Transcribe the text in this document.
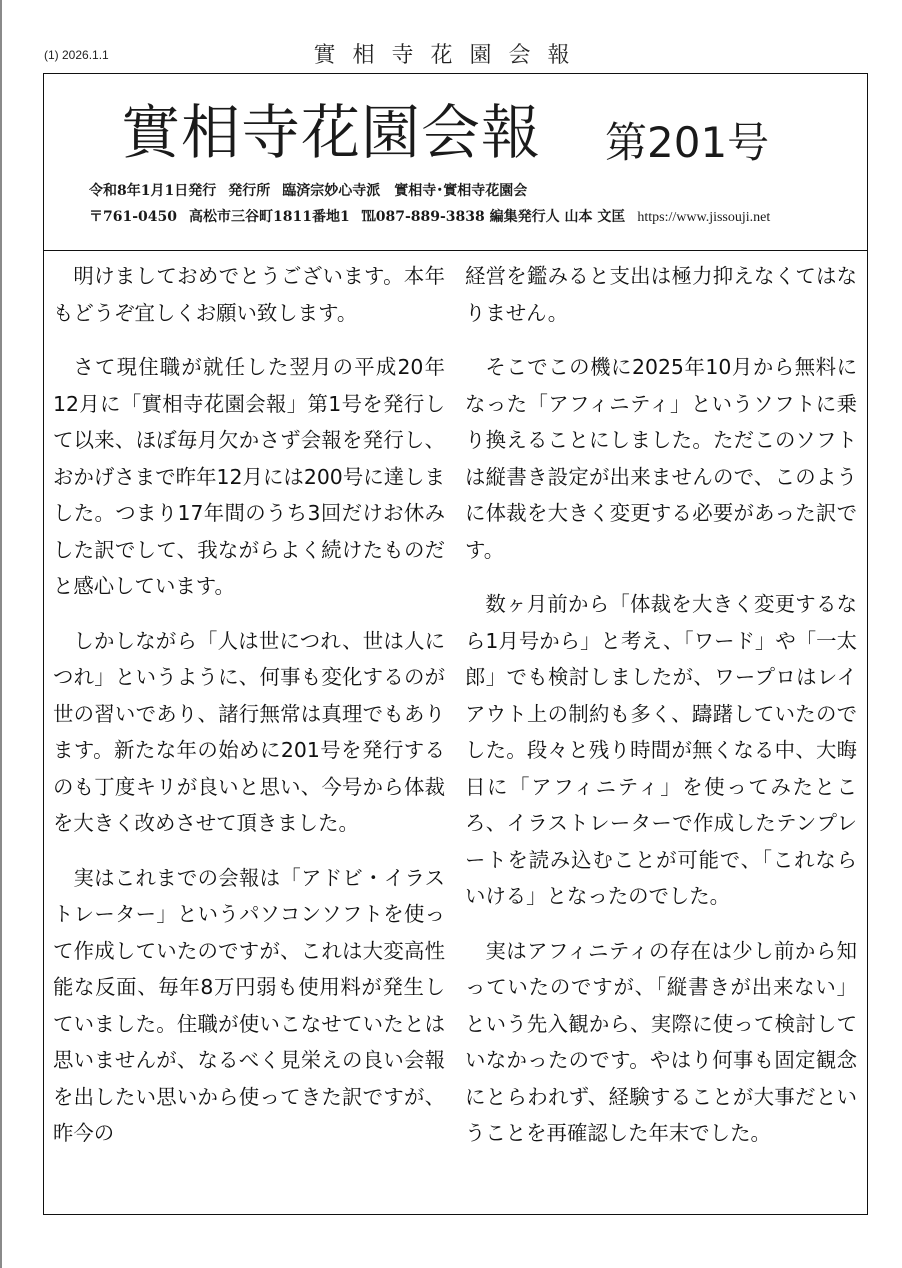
(1) 2026.1.1	實相寺花園会報
實相寺花園会報 第201号
令和8年1月1日発行 発行所 臨済宗妙心寺派　實相寺･實相寺花園会
〒761-0450 高松市三谷町1811番地1 ℡087-889-3838 編集発行人 山本 文匡 https://www.jissouji.net

明けましておめでとうございます。本年もどうぞ宜しくお願い致します。

さて現住職が就任した翌月の平成20年12月に「實相寺花園会報」第1号を発行して以来、ほぼ毎月欠かさず会報を発行し、おかげさまで昨年12月には200号に達しました。つまり17年間のうち3回だけお休みした訳でして、我ながらよく続けたものだと感心しています。

しかしながら「人は世につれ、世は人につれ」というように、何事も変化するのが世の習いであり、諸行無常は真理でもあります。新たな年の始めに201号を発行するのも丁度キリが良いと思い、今号から体裁を大きく改めさせて頂きました。

実はこれまでの会報は「アドビ・イラストレーター」というパソコンソフトを使って作成していたのですが、これは大変高性能な反面、毎年8万円弱も使用料が発生していました。住職が使いこなせていたとは思いませんが、なるべく見栄えの良い会報を出したい思いから使ってきた訳ですが、昨今の

経営を鑑みると支出は極力抑えなくてはなりません。

そこでこの機に2025年10月から無料になった「アフィニティ」というソフトに乗り換えることにしました。ただこのソフトは縦書き設定が出来ませんので、このように体裁を大きく変更する必要があった訳です。

数ヶ月前から「体裁を大きく変更するなら1月号から」と考え、「ワード」や「一太郎」でも検討しましたが、ワープロはレイアウト上の制約も多く、躊躇していたのでした。段々と残り時間が無くなる中、大晦日に「アフィニティ」を使ってみたところ、イラストレーターで作成したテンプレートを読み込むことが可能で、「これならいける」となったのでした。

実はアフィニティの存在は少し前から知っていたのですが、「縦書きが出来ない」という先入観から、実際に使って検討していなかったのです。やはり何事も固定観念にとらわれず、経験することが大事だということを再確認した年末でした。
